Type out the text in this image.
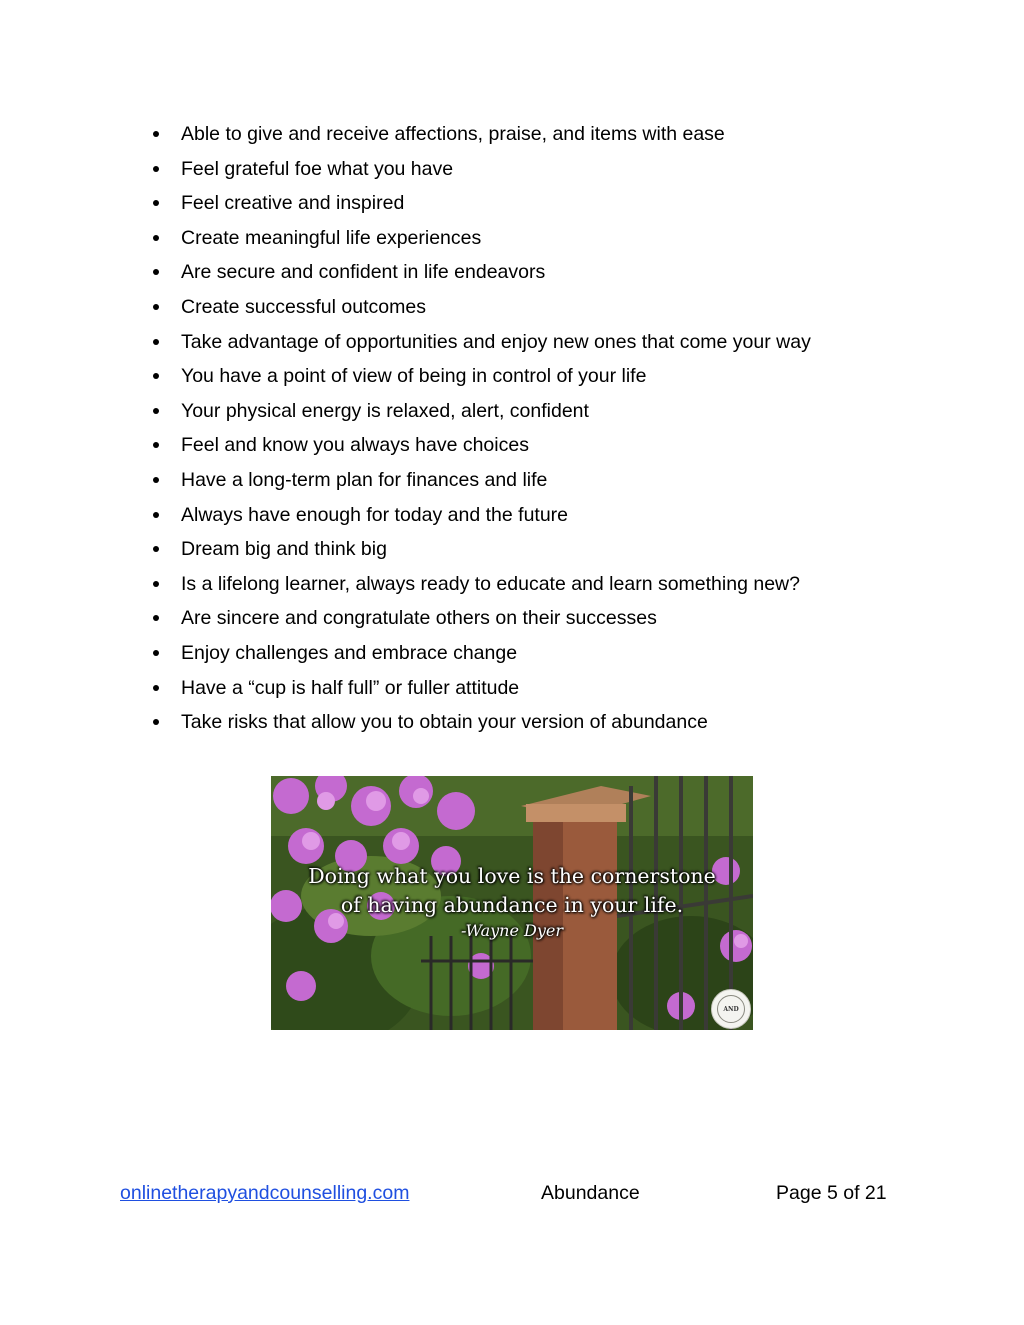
Able to give and receive affections, praise, and items with ease
Feel grateful foe what you have
Feel creative and inspired
Create meaningful life experiences
Are secure and confident in life endeavors
Create successful outcomes
Take advantage of opportunities and enjoy new ones that come your way
You have a point of view of being in control of your life
Your physical energy is relaxed, alert, confident
Feel and know you always have choices
Have a long-term plan for finances and life
Always have enough for today and the future
Dream big and think big
Is a lifelong learner, always ready to educate and learn something new?
Are sincere and congratulate others on their successes
Enjoy challenges and embrace change
Have a “cup is half full” or fuller attitude
Take risks that allow you to obtain your version of abundance
Doing what you love is the cornerstone
of having abundance in your life.
-Wayne Dyer
AND
onlinetherapyandcounselling.com	Abundance	Page 5 of 21
